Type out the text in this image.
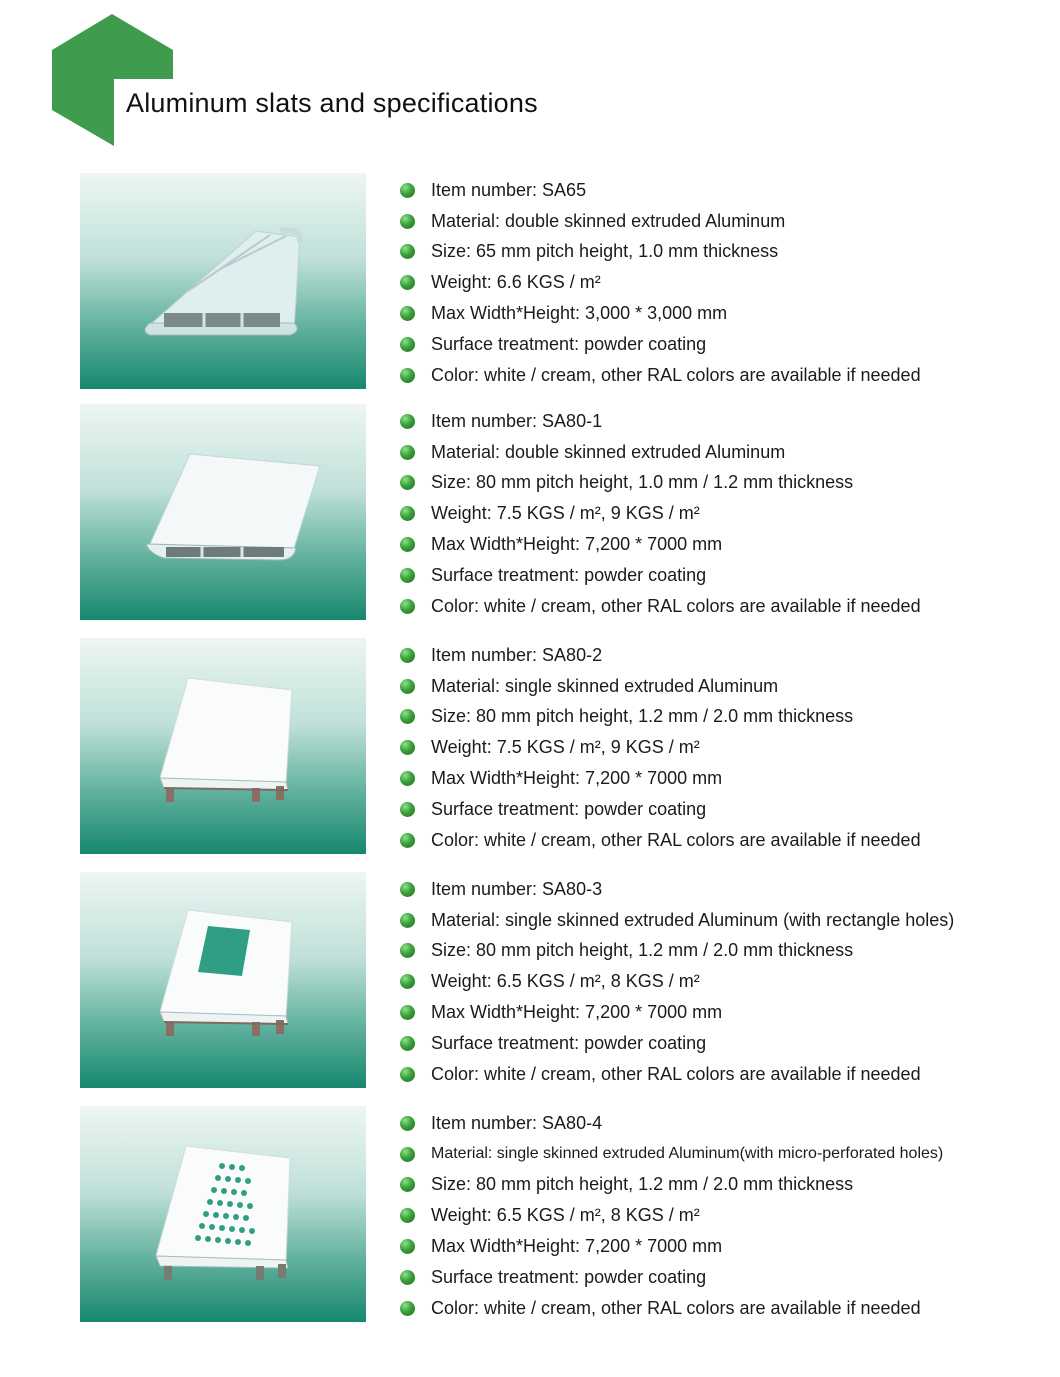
Aluminum slats and specifications
Item number: SA65
Material: double skinned extruded Aluminum
Size: 65 mm pitch height, 1.0 mm thickness
Weight: 6.6 KGS / m²
Max Width*Height: 3,000 * 3,000 mm
Surface treatment: powder coating
Color: white / cream, other RAL colors are available if needed
Item number: SA80-1
Material: double skinned extruded Aluminum
Size: 80 mm pitch height, 1.0 mm / 1.2 mm thickness
Weight: 7.5 KGS / m², 9 KGS / m²
Max Width*Height: 7,200 * 7000 mm
Surface treatment: powder coating
Color: white / cream, other RAL colors are available if needed
Item number: SA80-2
Material: single skinned extruded Aluminum
Size: 80 mm pitch height, 1.2 mm / 2.0 mm thickness
Weight: 7.5 KGS / m², 9 KGS / m²
Max Width*Height: 7,200 * 7000 mm
Surface treatment: powder coating
Color: white / cream, other RAL colors are available if needed
Item number: SA80-3
Material: single skinned extruded Aluminum (with rectangle holes)
Size: 80 mm pitch height, 1.2 mm / 2.0 mm thickness
Weight: 6.5 KGS / m², 8 KGS / m²
Max Width*Height: 7,200 * 7000 mm
Surface treatment: powder coating
Color: white / cream, other RAL colors are available if needed
Item number: SA80-4
Material: single skinned extruded Aluminum(with micro-perforated holes)
Size: 80 mm pitch height, 1.2 mm / 2.0 mm thickness
Weight: 6.5 KGS / m², 8 KGS / m²
Max Width*Height: 7,200 * 7000 mm
Surface treatment: powder coating
Color: white / cream, other RAL colors are available if needed
